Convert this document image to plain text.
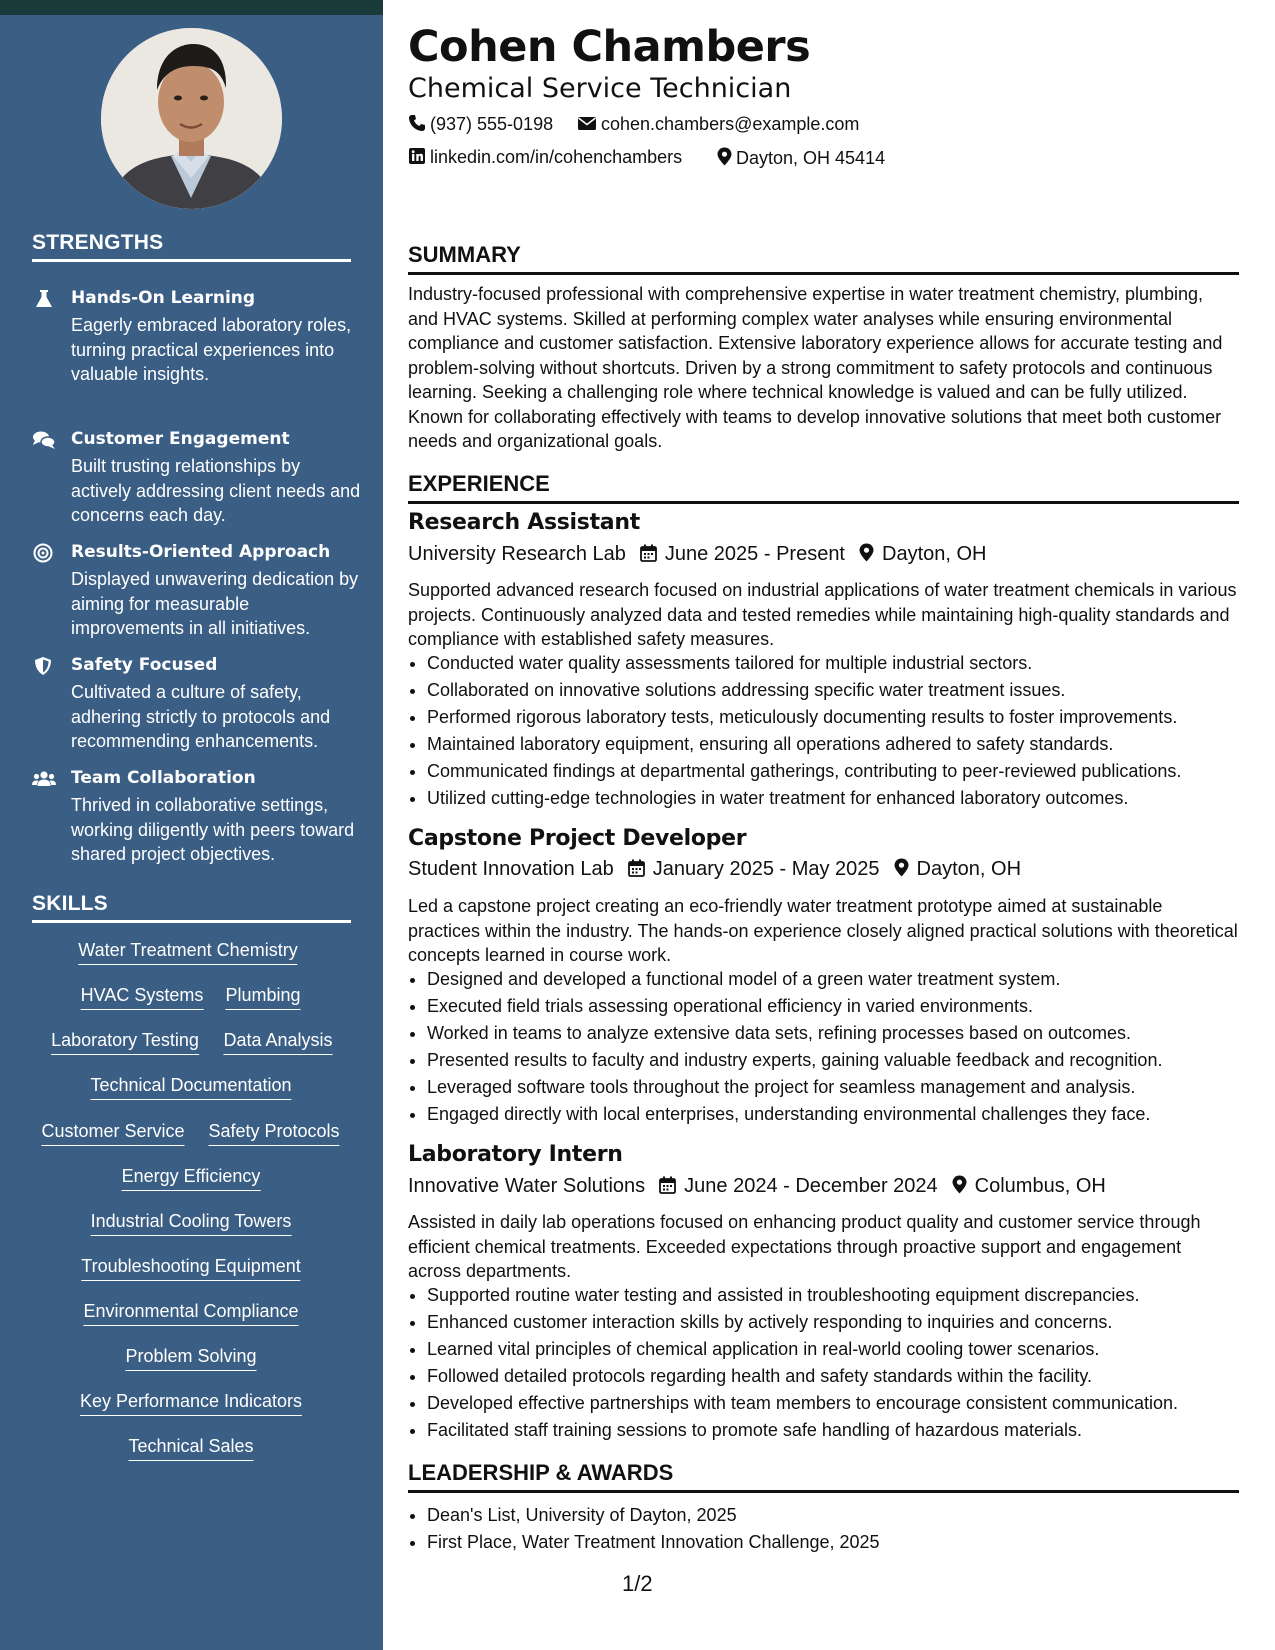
STRENGTHS
Hands-On Learning
Eagerly embraced laboratory roles, turning practical experiences into valuable insights.
Customer Engagement
Built trusting relationships by actively addressing client needs and concerns each day.
Results-Oriented Approach
Displayed unwavering dedication by aiming for measurable improvements in all initiatives.
Safety Focused
Cultivated a culture of safety, adhering strictly to protocols and recommending enhancements.
Team Collaboration
Thrived in collaborative settings, working diligently with peers toward shared project objectives.
SKILLS
Water Treatment Chemistry
HVAC Systems Plumbing
Laboratory Testing Data Analysis
Technical Documentation
Customer Service Safety Protocols
Energy Efficiency
Industrial Cooling Towers
Troubleshooting Equipment
Environmental Compliance
Problem Solving
Key Performance Indicators
Technical Sales
Cohen Chambers
Chemical Service Technician
(937) 555-0198	cohen.chambers@example.com
linkedin.com/in/cohenchambers	Dayton, OH 45414
SUMMARY

Industry-focused professional with comprehensive expertise in water treatment chemistry, plumbing, and HVAC systems. Skilled at performing complex water analyses while ensuring environmental compliance and customer satisfaction. Extensive laboratory experience allows for accurate testing and problem-solving without shortcuts. Driven by a strong commitment to safety protocols and continuous learning. Seeking a challenging role where technical knowledge is valued and can be fully utilized. Known for collaborating effectively with teams to develop innovative solutions that meet both customer needs and organizational goals.

EXPERIENCE
Research Assistant
University Research Lab June 2025 - Present Dayton, OH

Supported advanced research focused on industrial applications of water treatment chemicals in various projects. Continuously analyzed data and tested remedies while maintaining high-quality standards and compliance with established safety measures.

• Conducted water quality assessments tailored for multiple industrial sectors.
• Collaborated on innovative solutions addressing specific water treatment issues.
• Performed rigorous laboratory tests, meticulously documenting results to foster improvements.
• Maintained laboratory equipment, ensuring all operations adhered to safety standards.
• Communicated findings at departmental gatherings, contributing to peer-reviewed publications.
• Utilized cutting-edge technologies in water treatment for enhanced laboratory outcomes.
Capstone Project Developer
Student Innovation Lab January 2025 - May 2025 Dayton, OH

Led a capstone project creating an eco-friendly water treatment prototype aimed at sustainable practices within the industry. The hands-on experience closely aligned practical solutions with theoretical concepts learned in course work.

• Designed and developed a functional model of a green water treatment system.
• Executed field trials assessing operational efficiency in varied environments.
• Worked in teams to analyze extensive data sets, refining processes based on outcomes.
• Presented results to faculty and industry experts, gaining valuable feedback and recognition.
• Leveraged software tools throughout the project for seamless management and analysis.
• Engaged directly with local enterprises, understanding environmental challenges they face.
Laboratory Intern
Innovative Water Solutions June 2024 - December 2024 Columbus, OH

Assisted in daily lab operations focused on enhancing product quality and customer service through efficient chemical treatments. Exceeded expectations through proactive support and engagement across departments.

• Supported routine water testing and assisted in troubleshooting equipment discrepancies.
• Enhanced customer interaction skills by actively responding to inquiries and concerns.
• Learned vital principles of chemical application in real-world cooling tower scenarios.
• Followed detailed protocols regarding health and safety standards within the facility.
• Developed effective partnerships with team members to encourage consistent communication.
• Facilitated staff training sessions to promote safe handling of hazardous materials.
LEADERSHIP & AWARDS
• Dean's List, University of Dayton, 2025
• First Place, Water Treatment Innovation Challenge, 2025
1/2
